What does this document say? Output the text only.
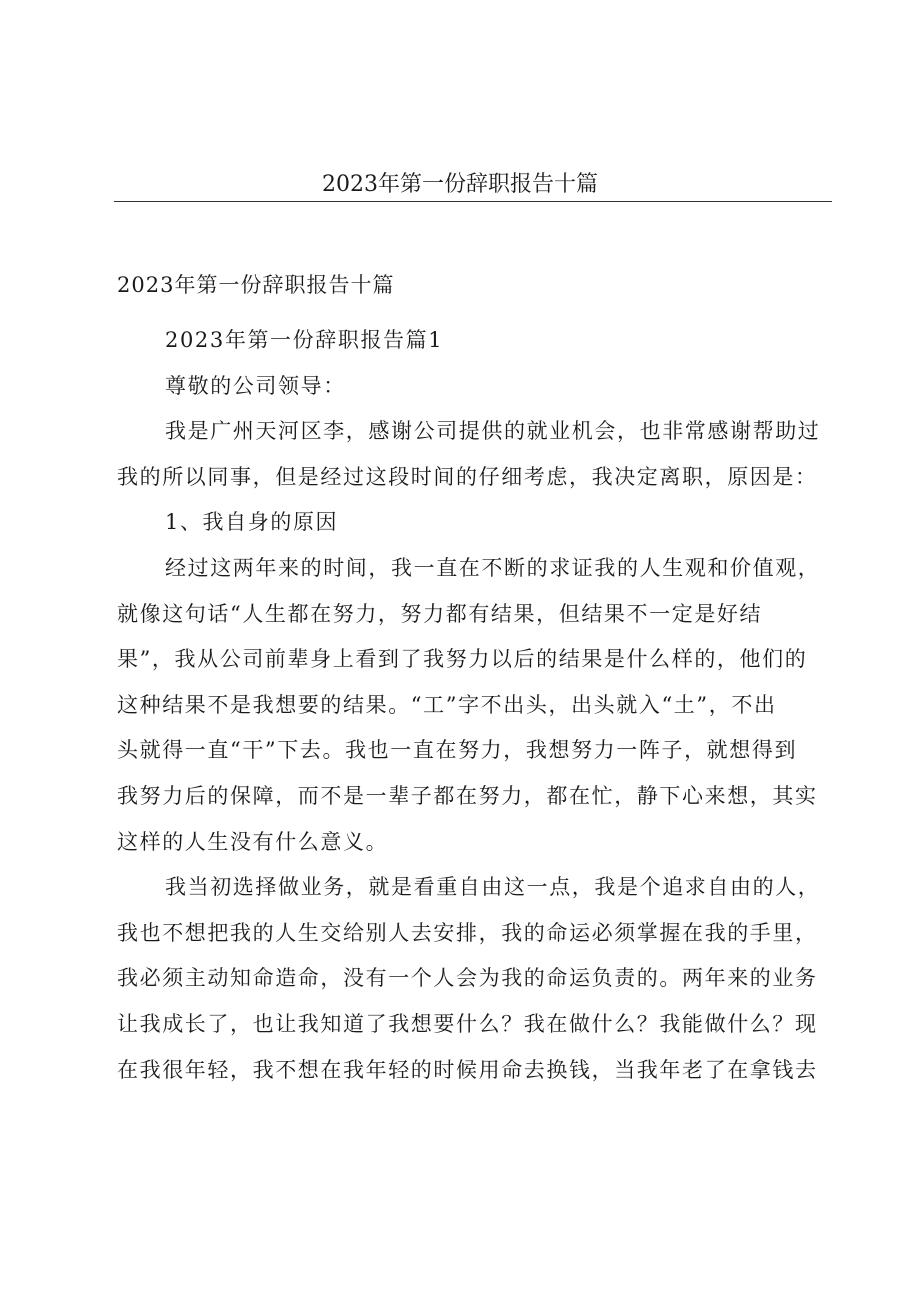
2023年第一份辞职报告十篇
2023年第一份辞职报告十篇
2023年第一份辞职报告篇1
尊敬的公司领导：
我是广州天河区李，感谢公司提供的就业机会，也非常感谢帮助过
我的所以同事，但是经过这段时间的仔细考虑，我决定离职，原因是：
1、我自身的原因
经过这两年来的时间，我一直在不断的求证我的人生观和价值观，
就像这句话“人生都在努力，努力都有结果，但结果不一定是好结
果”，我从公司前辈身上看到了我努力以后的结果是什么样的，他们的
这种结果不是我想要的结果。“工”字不出头，出头就入“土”，不出
头就得一直“干”下去。我也一直在努力，我想努力一阵子，就想得到
我努力后的保障，而不是一辈子都在努力，都在忙，静下心来想，其实
这样的人生没有什么意义。
我当初选择做业务，就是看重自由这一点，我是个追求自由的人，
我也不想把我的人生交给别人去安排，我的命运必须掌握在我的手里，
我必须主动知命造命，没有一个人会为我的命运负责的。两年来的业务
让我成长了，也让我知道了我想要什么？我在做什么？我能做什么？现
在我很年轻，我不想在我年轻的时候用命去换钱，当我年老了在拿钱去
